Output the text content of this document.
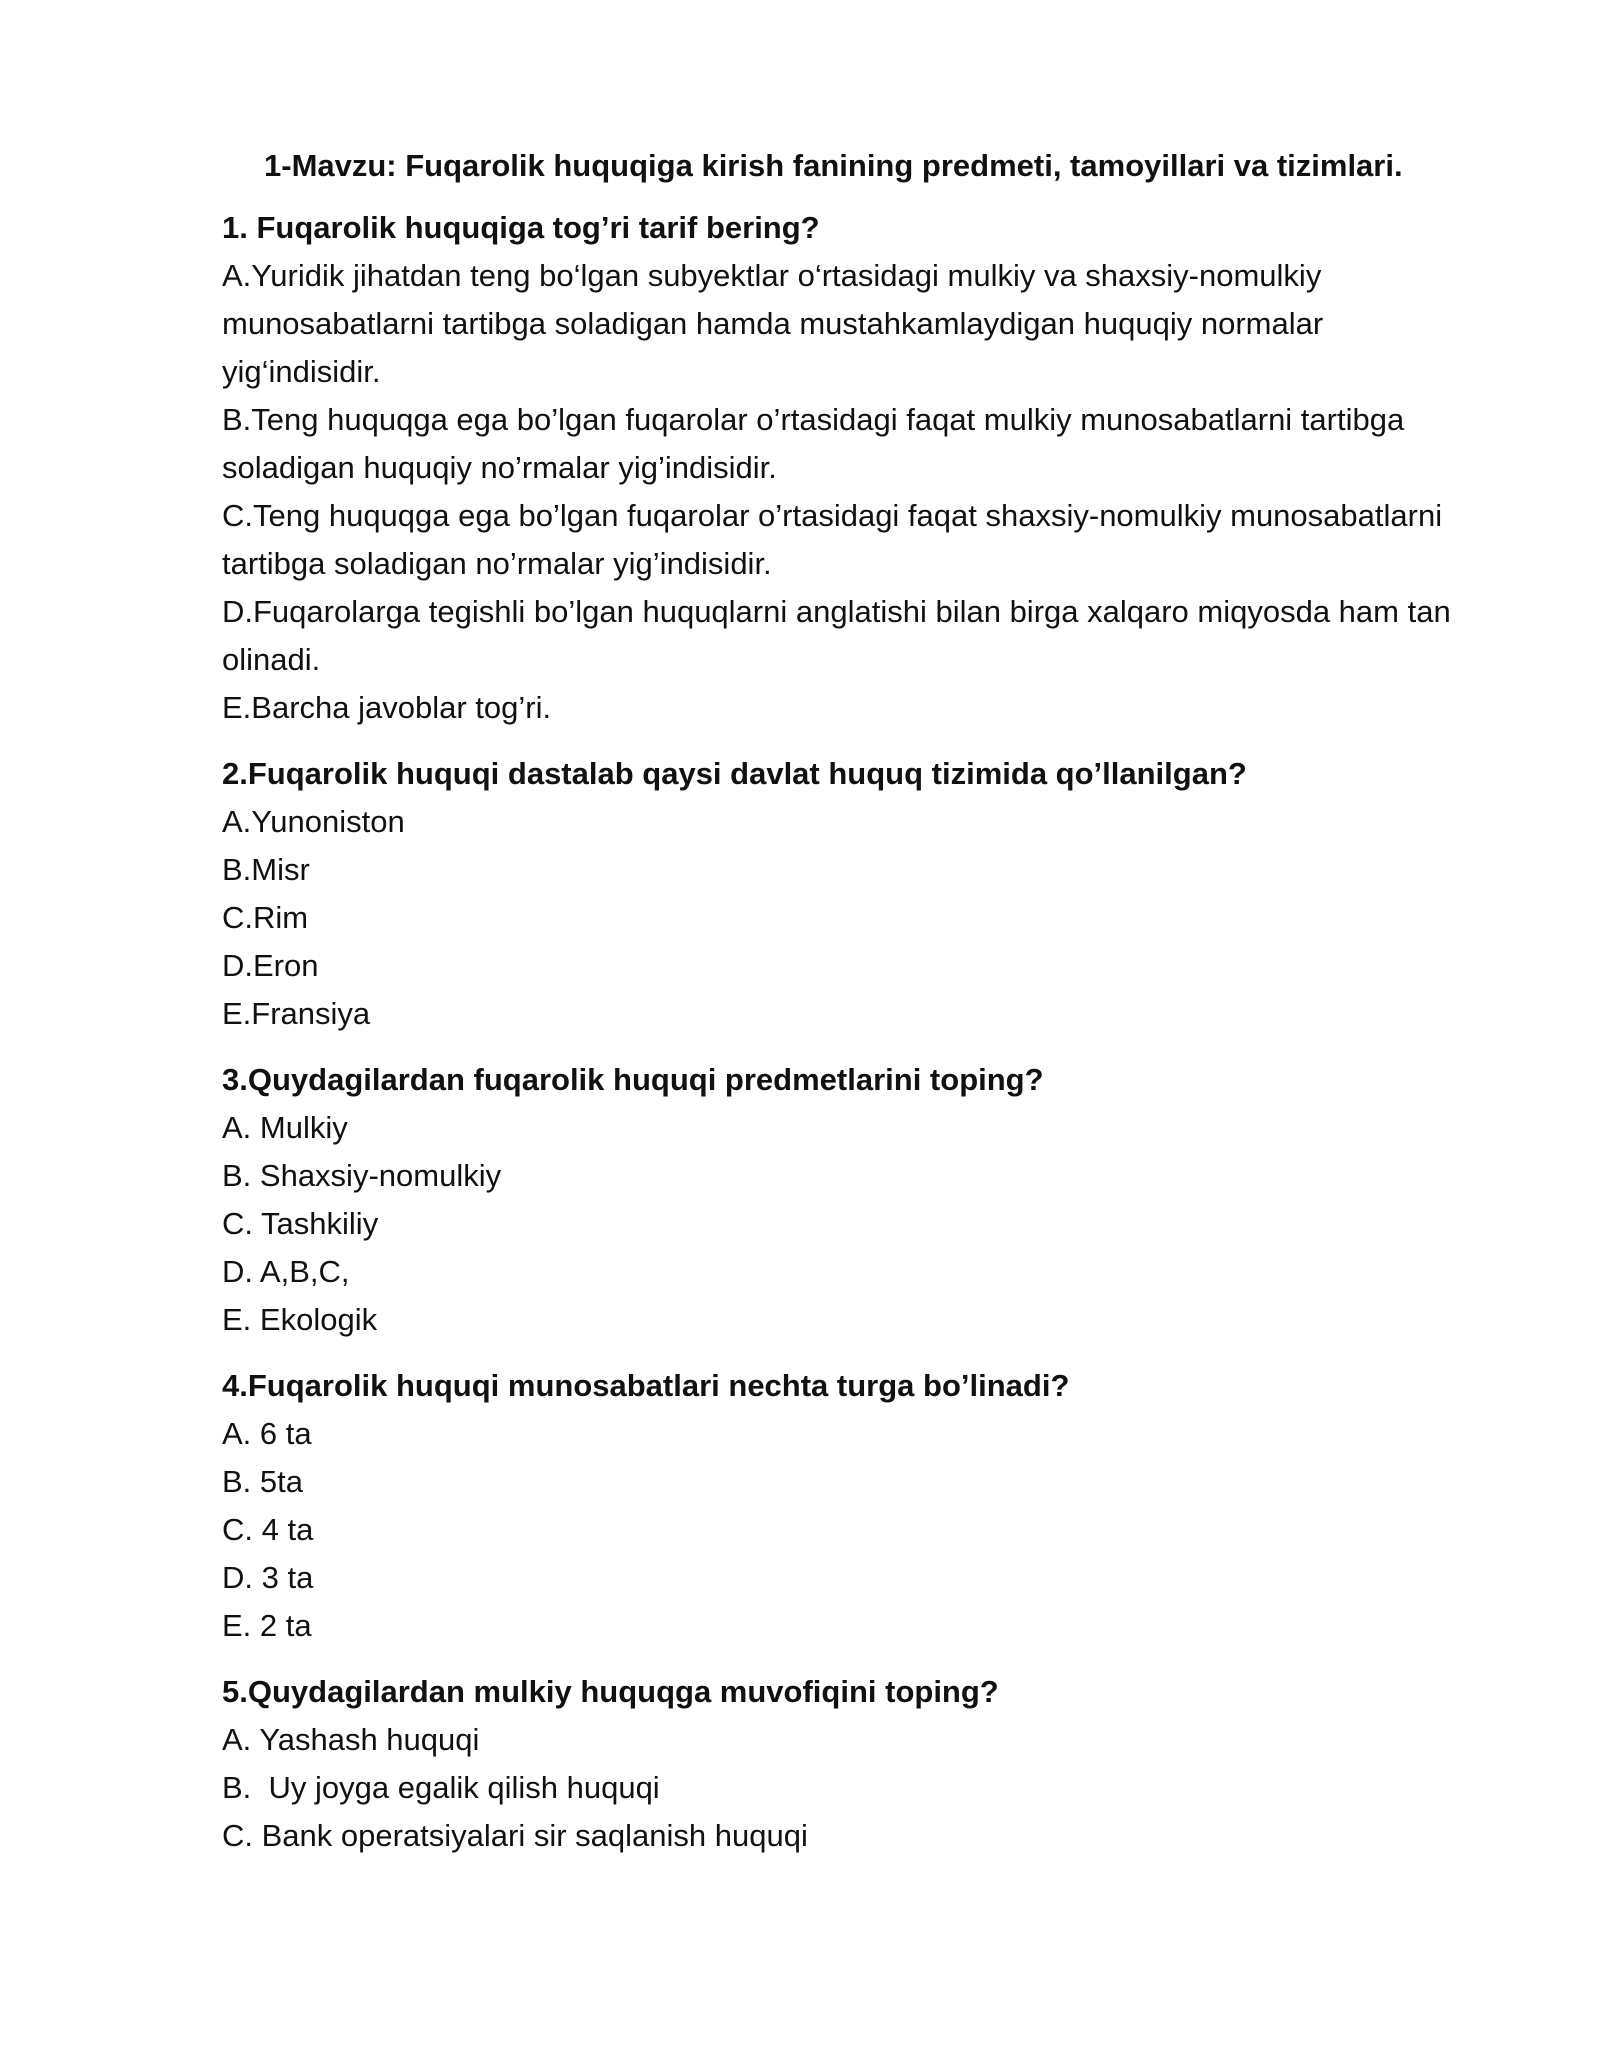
1-Mavzu: Fuqarolik huquqiga kirish fanining predmeti, tamoyillari va tizimlari.
1. Fuqarolik huquqiga tog’ri tarif bering?
A.Yuridik jihatdan teng bo‘lgan subyektlar o‘rtasidagi mulkiy va shaxsiy-nomulkiy munosabatlarni tartibga soladigan hamda mustahkamlaydigan huquqiy normalar yig‘indisidir.
B.Teng huquqga ega bo’lgan fuqarolar o’rtasidagi faqat mulkiy munosabatlarni tartibga soladigan huquqiy no’rmalar yig’indisidir.
C.Teng huquqga ega bo’lgan fuqarolar o’rtasidagi faqat shaxsiy-nomulkiy munosabatlarni tartibga soladigan no’rmalar yig’indisidir.
D.Fuqarolarga tegishli bo’lgan huquqlarni anglatishi bilan birga xalqaro miqyosda ham tan olinadi.
E.Barcha javoblar tog’ri.
2.Fuqarolik huquqi dastalab qaysi davlat huquq tizimida qo’llanilgan?
A.Yunoniston
B.Misr
C.Rim
D.Eron
E.Fransiya
3.Quydagilardan fuqarolik huquqi predmetlarini toping?
A. Mulkiy
B. Shaxsiy-nomulkiy
C. Tashkiliy
D. A,B,C,
E. Ekologik
4.Fuqarolik huquqi munosabatlari nechta turga bo’linadi?
A. 6 ta
B. 5ta
C. 4 ta
D. 3 ta
E. 2 ta
5.Quydagilardan mulkiy huquqga muvofiqini toping?
A. Yashash huquqi
B.  Uy joyga egalik qilish huquqi
C. Bank operatsiyalari sir saqlanish huquqi
